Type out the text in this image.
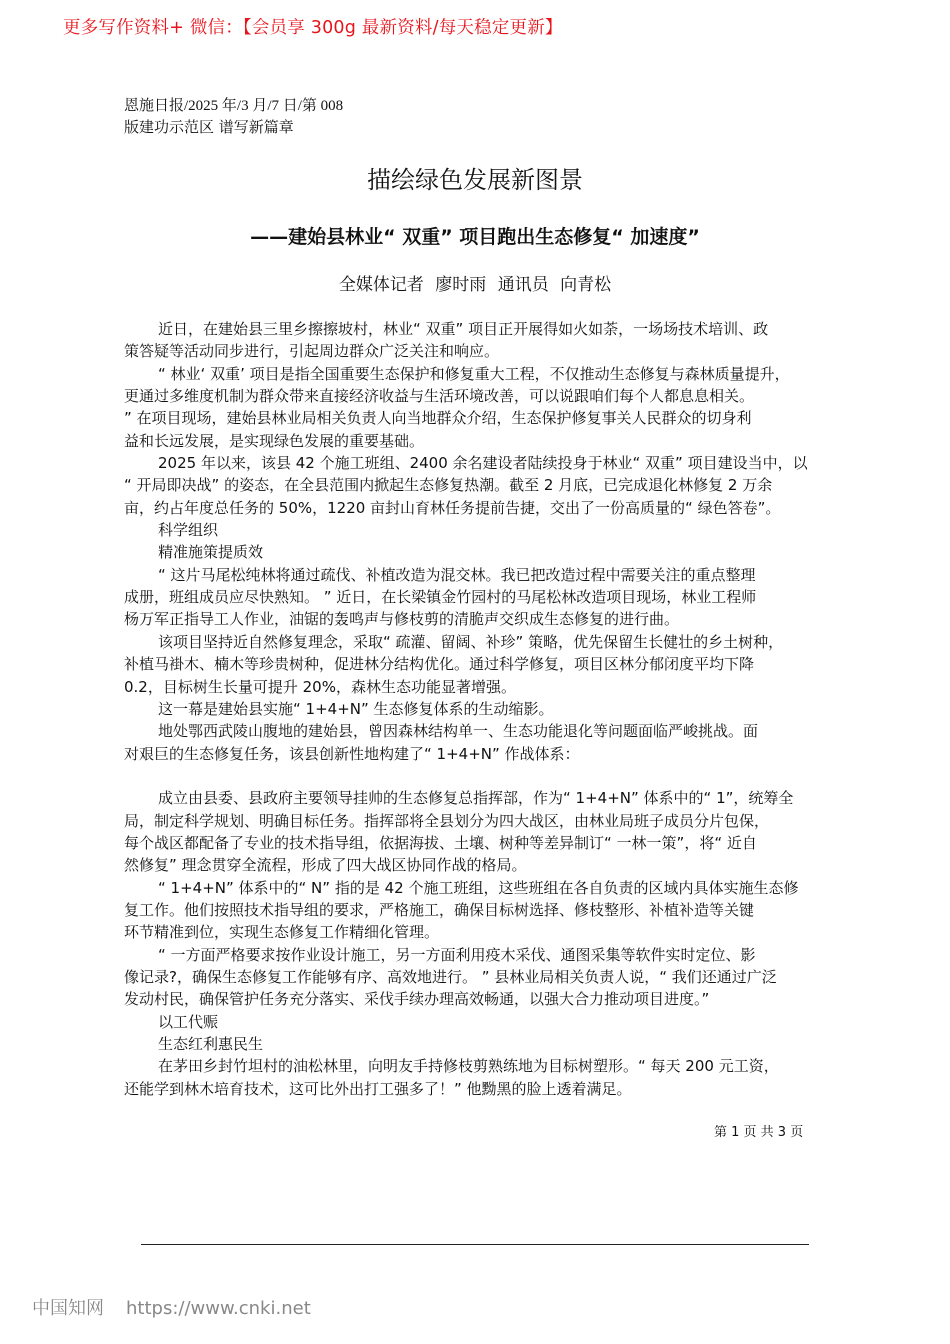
更多写作资料+ 微信：【会员享 300g 最新资料/每天稳定更新】
恩施日报/2025 年/3 月/7 日/第 008
版建功示范区 谱写新篇章
描绘绿色发展新图景
——建始县林业“ 双重” 项目跑出生态修复“ 加速度”
全媒体记者 廖时雨 通讯员 向青松
近日，在建始县三里乡擦擦坡村，林业“ 双重” 项目正开展得如火如荼，一场场技术培训、政
策答疑等活动同步进行，引起周边群众广泛关注和响应。
“ 林业‘ 双重’ 项目是指全国重要生态保护和修复重大工程，不仅推动生态修复与森林质量提升，
更通过多维度机制为群众带来直接经济收益与生活环境改善，可以说跟咱们每个人都息息相关。
” 在项目现场，建始县林业局相关负责人向当地群众介绍，生态保护修复事关人民群众的切身利
益和长远发展，是实现绿色发展的重要基础。
2025 年以来，该县 42 个施工班组、2400 余名建设者陆续投身于林业“ 双重” 项目建设当中，以
“ 开局即决战” 的姿态，在全县范围内掀起生态修复热潮。截至 2 月底，已完成退化林修复 2 万余
亩，约占年度总任务的 50%，1220 亩封山育林任务提前告捷，交出了一份高质量的“ 绿色答卷”。
科学组织
精准施策提质效
“ 这片马尾松纯林将通过疏伐、补植改造为混交林。我已把改造过程中需要关注的重点整理
成册，班组成员应尽快熟知。 ” 近日，在长梁镇金竹园村的马尾松林改造项目现场，林业工程师
杨万军正指导工人作业，油锯的轰鸣声与修枝剪的清脆声交织成生态修复的进行曲。
该项目坚持近自然修复理念，采取“ 疏灌、留阔、补珍” 策略，优先保留生长健壮的乡土树种，
补植马褂木、楠木等珍贵树种，促进林分结构优化。通过科学修复，项目区林分郁闭度平均下降
0.2，目标树生长量可提升 20%，森林生态功能显著增强。
这一幕是建始县实施“ 1+4+N” 生态修复体系的生动缩影。
地处鄂西武陵山腹地的建始县，曾因森林结构单一、生态功能退化等问题面临严峻挑战。面
对艰巨的生态修复任务，该县创新性地构建了“ 1+4+N” 作战体系：
成立由县委、县政府主要领导挂帅的生态修复总指挥部，作为“ 1+4+N” 体系中的“ 1”，统筹全
局，制定科学规划、明确目标任务。指挥部将全县划分为四大战区，由林业局班子成员分片包保，
每个战区都配备了专业的技术指导组，依据海拔、土壤、树种等差异制订“ 一林一策”，将“ 近自
然修复” 理念贯穿全流程，形成了四大战区协同作战的格局。
“ 1+4+N” 体系中的“ N” 指的是 42 个施工班组，这些班组在各自负责的区域内具体实施生态修
复工作。他们按照技术指导组的要求，严格施工，确保目标树选择、修枝整形、补植补造等关键
环节精准到位，实现生态修复工作精细化管理。
“ 一方面严格要求按作业设计施工，另一方面利用疫木采伐、通图采集等软件实时定位、影
像记录?，确保生态修复工作能够有序、高效地进行。 ” 县林业局相关负责人说，“ 我们还通过广泛
发动村民，确保管护任务充分落实、采伐手续办理高效畅通，以强大合力推动项目进度。”
以工代赈
生态红利惠民生
在茅田乡封竹坦村的油松林里，向明友手持修枝剪熟练地为目标树塑形。“ 每天 200 元工资，
还能学到林木培育技术，这可比外出打工强多了！” 他黝黑的脸上透着满足。
第 1 页 共 3 页
中国知网 https://www.cnki.net
